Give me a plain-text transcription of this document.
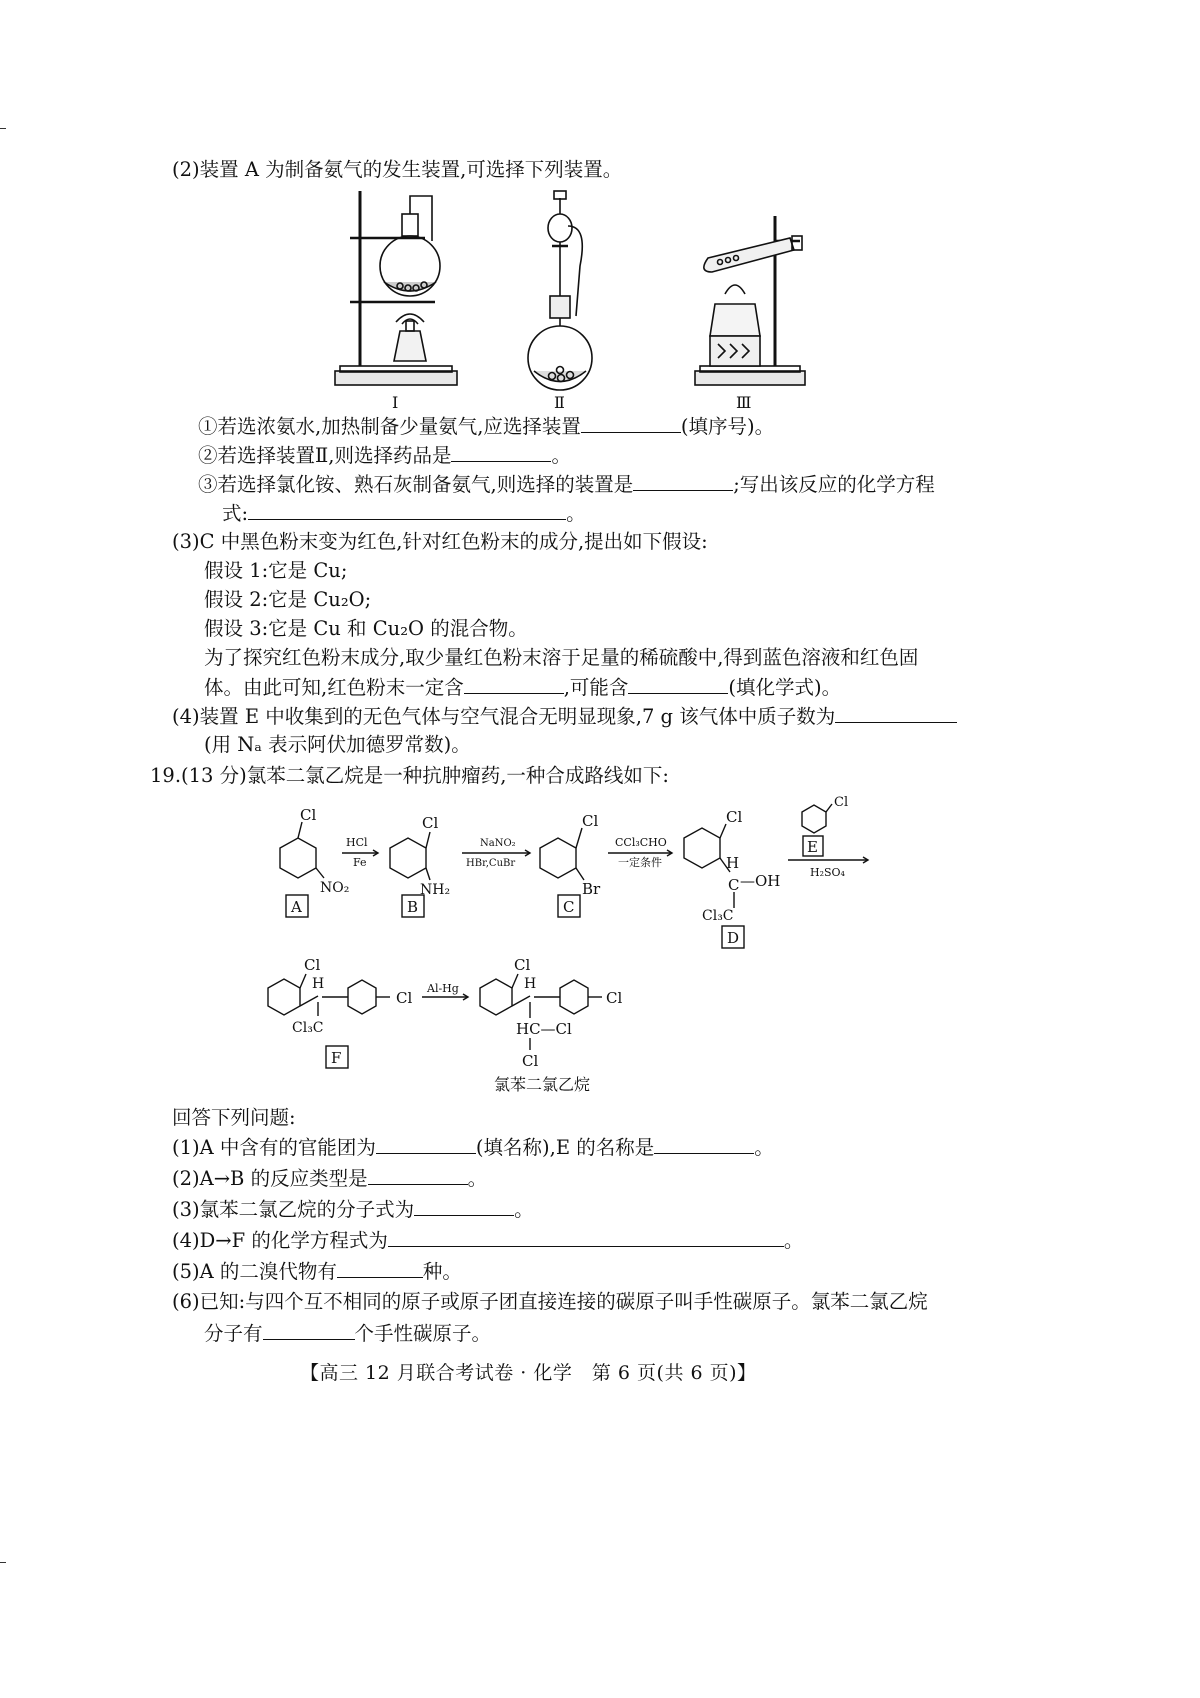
(2)装置 A 为制备氨气的发生装置,可选择下列装置。
Ⅰ	Ⅱ	Ⅲ
①若选浓氨水,加热制备少量氨气,应选择装置	(填序号)。
②若选择装置Ⅱ,则选择药品是	。
③若选择氯化铵、熟石灰制备氨气,则选择的装置是	;写出该反应的化学方程
式:	。
(3)C 中黑色粉末变为红色,针对红色粉末的成分,提出如下假设:
假设 1:它是 Cu;
假设 2:它是 Cu₂O;
假设 3:它是 Cu 和 Cu₂O 的混合物。
为了探究红色粉末成分,取少量红色粉末溶于足量的稀硫酸中,得到蓝色溶液和红色固
体。由此可知,红色粉末一定含	,可能含	(填化学式)。
(4)装置 E 中收集到的无色气体与空气混合无明显现象,7 g 该气体中质子数为
(用 Nₐ 表示阿伏加德罗常数)。
19.(13 分)氯苯二氯乙烷是一种抗肿瘤药,一种合成路线如下:
Cl
NO₂
A
HCl
Fe
Cl
NH₂
B
NaNO₂
HBr,CuBr
Cl
Br
C
CCl₃CHO
一定条件
Cl
H
C —OH
Cl₃C
D
Cl
E
H₂SO₄
Cl
H
Cl
Cl₃C
F
Al-Hg
Cl
H
Cl
HC—Cl
Cl
氯苯二氯乙烷
回答下列问题:
(1)A 中含有的官能团为	(填名称),E 的名称是	。
(2)A→B 的反应类型是	。
(3)氯苯二氯乙烷的分子式为	。
(4)D→F 的化学方程式为	。
(5)A 的二溴代物有	种。
(6)已知:与四个互不相同的原子或原子团直接连接的碳原子叫手性碳原子。氯苯二氯乙烷
分子有	个手性碳原子。
【高三 12 月联合考试卷 · 化学　第 6 页(共 6 页)】
